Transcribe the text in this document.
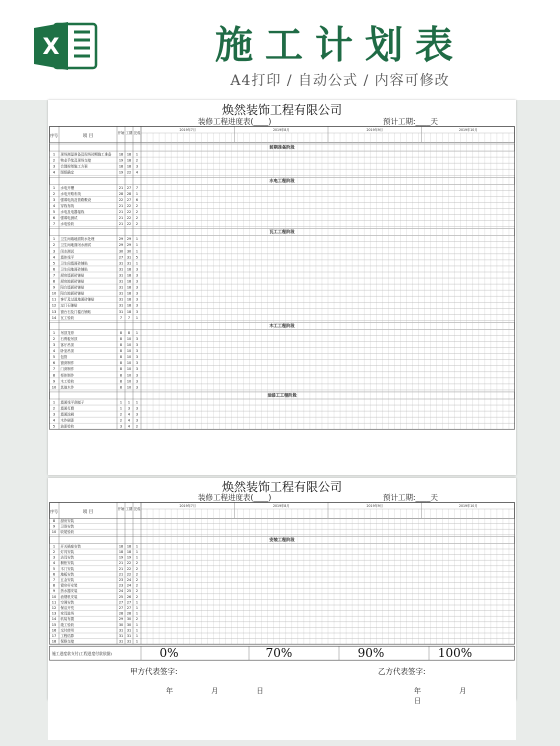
X	施工计划表
A4打印 / 自动公式 / 内容可修改
焕然装饰工程有限公司
装修工程进度表(____)	预计工期:____天
序号	项 目
开始 工期 完成
2019年7月	2019年8月	2019年9月	2019年10月
前期准备阶段
1 现场测量准备及现场初期施工准备 18 18 1
2 物业手续及现场交接	19 18 2
3 合理规划施工方案	18 18 3
4 图纸确定	19 22 4
水电工程阶段
1 水电开槽	21 27 7
2 水电开路布线	28 28 1
3 强弱电线及管路敷设	22 27 6
4 穿线布线	21 22 2
5 水电及电器接线	21 22 2
6 强弱电测试	21 22 2
7 水电验收	21 22 2
瓦工工程阶段
1 卫生间墙地面防水处理	29 29 1
2 卫生间地面闭水测试	29 29 1
3 闭水测试	30 30 1
4 墙体找平	27 31 5
5 卫生间墙面砖铺贴	31 31 1
6 卫生间地面砖铺贴	31 18 3
7 厨房墙面砖铺贴	31 18 3
8 厨房地面砖铺贴	31 18 3
9 阳台墙面砖铺贴	31 18 3
10 阳台地面砖铺贴	31 18 3
11 客厅及过道地面砖铺贴	31 18 3
12 过门石铺贴	31 18 3
13 窗台石及门槛石铺贴	31 18 3
14 瓦工验收	7 7 1
木工工程阶段
1 吊顶龙骨	8 8 1
2 石膏板吊顶	8 10 3
3 客厅吊顶	8 10 3
4 卧室吊顶	8 10 3
5 包管	8 10 3
6 窗套制作	8 10 3
7 门套制作	8 10 3
8 柜体制作	8 10 3
9 木工验收	8 10 3
10 其他木作	8 10 3
油漆工工程阶段
1 墙面找平刮腻子	1 1 1
2 墙面打磨	1 3 3
3 墙面涂刷	2 4 3
4 木作刷漆	2 4 3
5 油漆验收	3 4 2
焕然装饰工程有限公司
装修工程进度表(____)	预计工期:____天
序号	项 目
开始 工期 完成
2019年7月	2019年8月	2019年9月	2019年10月
8 厨房安装
9 卫浴安装
10 收尾验收
安装工程阶段
1 开关插座安装	18 18 1
2 灯具安装	18 18 1
3 洁具安装	19 19 1
4 橱柜安装	21 22 2
5 木门安装	21 22 2
6 地板安装	21 22 2
7 五金安装	23 24 2
8 窗帘杆安装	23 24 2
9 热水器安装	24 25 2
10 油烟机安装	25 26 2
11 空调安装	27 27 1
12 保洁开荒	27 27 1
13 家具进场	28 28 1
14 软装布置	29 30 2
15 竣工验收	30 30 1
16 交付使用	31 31 1
17 工程结算	31 31 1
18 保修交接	31 31 1
施工进度款支付(工程进度付款依据)	0%	70%	90%	100%
甲方代表签字:	乙方代表签字:
年 月 日	年 月 日
